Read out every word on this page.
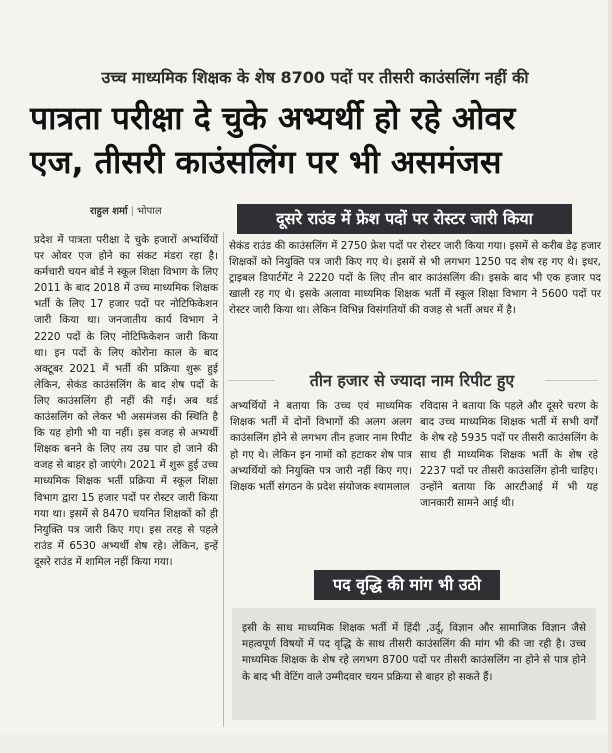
उच्च माध्यमिक शिक्षक के शेष 8700 पदों पर तीसरी काउंसलिंग नहीं की
पात्रता परीक्षा दे चुके अभ्यर्थी हो रहे ओवर
एज, तीसरी काउंसलिंग पर भी असमंजस
राहुल शर्मा | भोपाल

प्रदेश में पात्रता परीक्षा दे चुके हजारों अभ्यर्थियों पर ओवर एज होने का संकट मंडरा रहा है। कर्मचारी चयन बोर्ड ने स्कूल शिक्षा विभाग के लिए 2011 के बाद 2018 में उच्च माध्यमिक शिक्षक भर्ती के लिए 17 हजार पदों पर नोटिफिकेशन जारी किया था। जनजातीय कार्य विभाग ने 2220 पदों के लिए नोटिफिकेशन जारी किया था। इन पदों के लिए कोरोना काल के बाद अक्टूबर 2021 में भर्ती की प्रक्रिया शुरू हुई लेकिन, सेकंड काउंसलिंग के बाद शेष पदों के लिए काउंसलिंग ही नहीं की गई। अब थर्ड काउंसलिंग को लेकर भी असमंजस की स्थिति है कि यह होगी भी या नहीं। इस वजह से अभ्यर्थी शिक्षक बनने के लिए तय उम्र पार हो जाने की वजह से बाहर हो जाएंगे। 2021 में शुरू हुई उच्च माध्यमिक शिक्षक भर्ती प्रक्रिया में स्कूल शिक्षा विभाग द्वारा 15 हजार पदों पर रोस्टर जारी किया गया था। इसमें से 8470 चयनित शिक्षकों को ही नियुक्ति पत्र जारी किए गए। इस तरह से पहले राउंड में 6530 अभ्यर्थी शेष रहे। लेकिन, इन्हें दूसरे राउंड में शामिल नहीं किया गया।

दूसरे राउंड में फ्रेश पदों पर रोस्टर जारी किया

सेकंड राउंड की काउंसलिंग में 2750 फ्रेश पदों पर रोस्टर जारी किया गया। इसमें से करीब डेढ़ हजार शिक्षकों को नियुक्ति पत्र जारी किए गए थे। इसमें से भी लगभग 1250 पद शेष रह गए थे। इधर, ट्राइबल डिपार्टमेंट ने 2220 पदों के लिए तीन बार काउंसलिंग की। इसके बाद भी एक हजार पद खाली रह गए थे। इसके अलावा माध्यमिक शिक्षक भर्ती में स्कूल शिक्षा विभाग ने 5600 पदों पर रोस्टर जारी किया था। लेकिन विभिन्न विसंगतियों की वजह से भर्ती अधर में है।

तीन हजार से ज्यादा नाम रिपीट हुए

अभ्यर्थियों ने बताया कि उच्च एवं माध्यमिक शिक्षक भर्ती में दोनों विभागों की अलग अलग काउंसलिंग होने से लगभग तीन हजार नाम रिपीट हो गए थे। लेकिन इन नामों को हटाकर शेष पात्र अभ्यर्थियों को नियुक्ति पत्र जारी नहीं किए गए। शिक्षक भर्ती संगठन के प्रदेश संयोजक श्यामलाल

रविदास ने बताया कि पहले और दूसरे चरण के बाद उच्च माध्यमिक शिक्षक भर्ती में सभी वर्गों के शेष रहे 5935 पदों पर तीसरी काउंसलिंग के साथ ही माध्यमिक शिक्षक भर्ती के शेष रहे 2237 पदों पर तीसरी काउंसलिंग होनी चाहिए। उन्होंने बताया कि आरटीआई में भी यह जानकारी सामने आई थी।

पद वृद्धि की मांग भी उठी

इसी के साथ माध्यमिक शिक्षक भर्ती में हिंदी ,उर्दू, विज्ञान और सामाजिक विज्ञान जैसे महत्वपूर्ण विषयों में पद वृद्धि के साथ तीसरी काउंसलिंग की मांग भी की जा रही है। उच्च माध्यमिक शिक्षक के शेष रहे लगभग 8700 पदों पर तीसरी काउंसलिंग ना होने से पात्र होने के बाद भी वेटिंग वाले उम्मीदवार चयन प्रक्रिया से बाहर हो सकते हैं।
